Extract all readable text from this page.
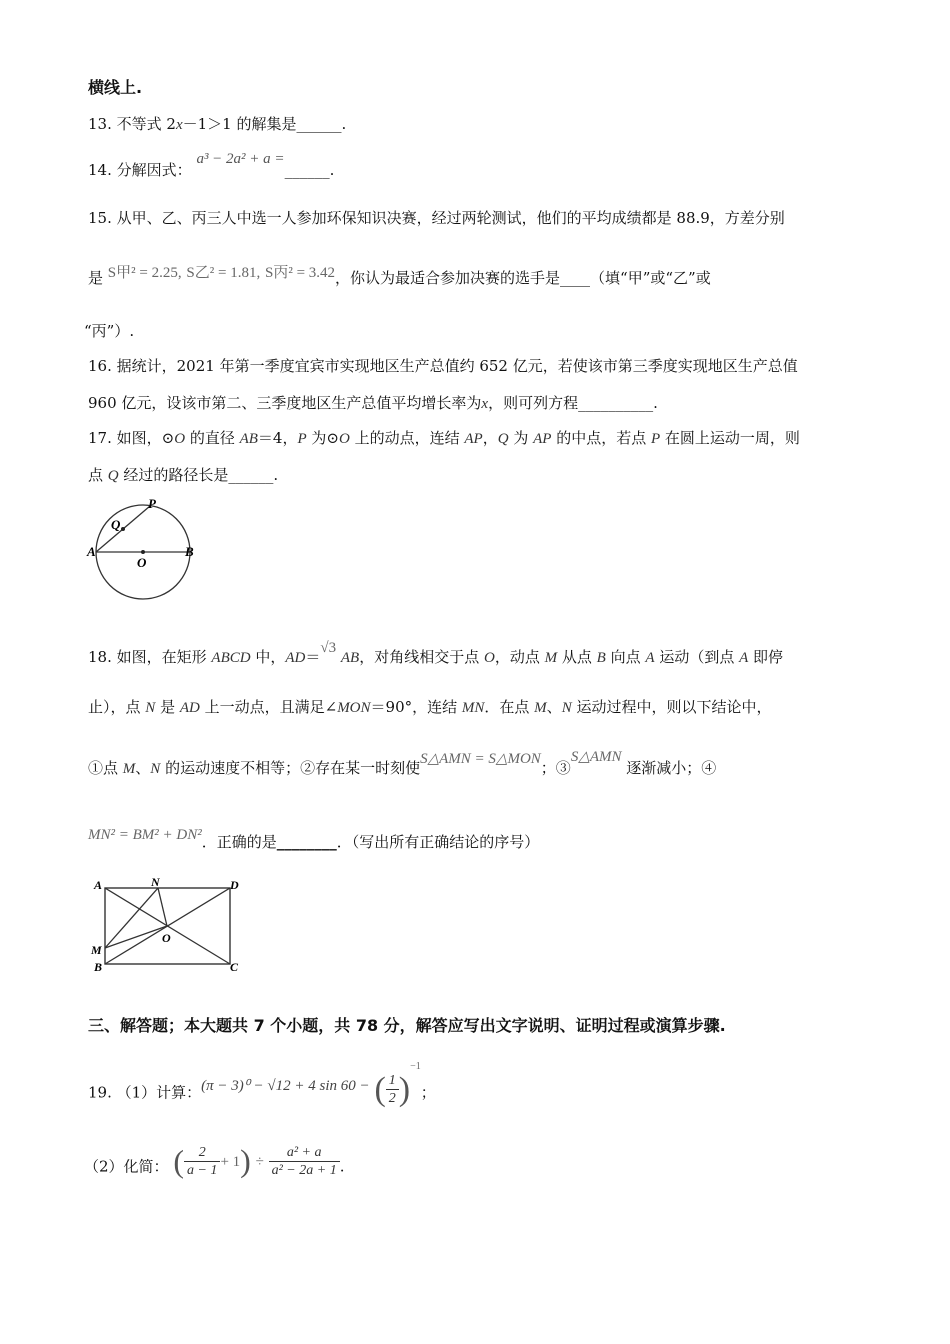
横线上.
13. 不等式 2x－1＞1 的解集是______.
14. 分解因式： a³ − 2a² + a =______.
15. 从甲、乙、丙三人中选一人参加环保知识决赛，经过两轮测试，他们的平均成绩都是 88.9，方差分别
是 S甲² = 2.25, S乙² = 1.81, S丙² = 3.42，你认为最适合参加决赛的选手是____（填“甲”或“乙”或
“丙”）.
16. 据统计，2021 年第一季度宜宾市实现地区生产总值约 652 亿元，若使该市第三季度实现地区生产总值
960 亿元，设该市第二、三季度地区生产总值平均增长率为x，则可列方程__________.
17. 如图，⊙O 的直径 AB＝4，P 为⊙O 上的动点，连结 AP，Q 为 AP 的中点，若点 P 在圆上运动一周，则
点 Q 经过的路径长是______.
P
Q
A
O
B
18. 如图，在矩形 ABCD 中，AD＝√3 AB，对角线相交于点 O，动点 M 从点 B 向点 A 运动（到点 A 即停
止），点 N 是 AD 上一动点，且满足∠MON＝90°，连结 MN．在点 M、N 运动过程中，则以下结论中，
①点 M、N 的运动速度不相等；②存在某一时刻使S△AMN = S△MON；③S△AMN 逐渐减小；④
MN² = BM² + DN²．正确的是________．（写出所有正确结论的序号）
A	N	D
M
O
B	C
三、解答题；本大题共 7 个小题，共 78 分，解答应写出文字说明、证明过程或演算步骤.
19. （1）计算：(π − 3)⁰ − √12 + 4 sin 60 − ( $\frac{1}{2} )^{-1}$；
（2）化简： ( $\frac{2}{a - 1} + 1) \div \frac{\text{a² + a}}{\text{a² − 2a + 1}}$ .
